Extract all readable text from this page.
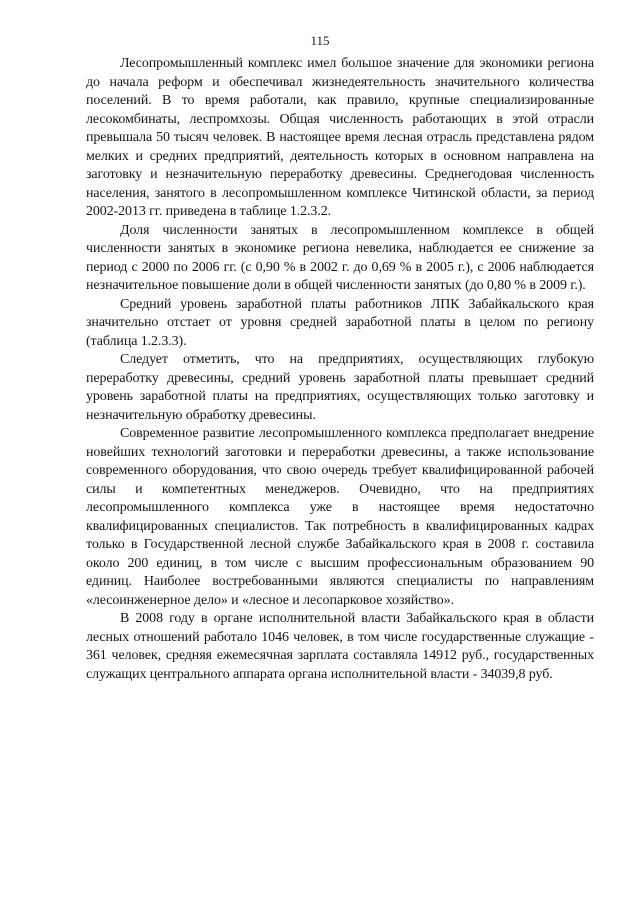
115

Лесопромышленный комплекс имел большое значение для экономики региона до начала реформ и обеспечивал жизнедеятельность значительного количества поселений. В то время работали, как правило, крупные специализированные лесокомбинаты, леспромхозы. Общая численность работающих в этой отрасли превышала 50 тысяч человек. В настоящее время лесная отрасль представлена рядом мелких и средних предприятий, деятельность которых в основном направлена на заготовку и незначительную переработку древесины. Среднегодовая численность населения, занятого в лесопромышленном комплексе Читинской области, за период 2002-2013 гг. приведена в таблице 1.2.3.2.

Доля численности занятых в лесопромышленном комплексе в общей численности занятых в экономике региона невелика, наблюдается ее снижение за период с 2000 по 2006 гг. (с 0,90 % в 2002 г. до 0,69 % в 2005 г.), с 2006 наблюдается незначительное повышение доли в общей численности занятых (до 0,80 % в 2009 г.).

Средний уровень заработной платы работников ЛПК Забайкальского края значительно отстает от уровня средней заработной платы в целом по региону (таблица 1.2.3.3).

Следует отметить, что на предприятиях, осуществляющих глубокую переработку древесины, средний уровень заработной платы превышает средний уровень заработной платы на предприятиях, осуществляющих только заготовку и незначительную обработку древесины.

Современное развитие лесопромышленного комплекса предполагает внедрение новейших технологий заготовки и переработки древесины, а также использование современного оборудования, что свою очередь требует квалифицированной рабочей силы и компетентных менеджеров. Очевидно, что на предприятиях лесопромышленного комплекса уже в настоящее время недостаточно квалифицированных специалистов. Так потребность в квалифицированных кадрах только в Государственной лесной службе Забайкальского края в 2008 г. составила около 200 единиц, в том числе с высшим профессиональным образованием 90 единиц. Наиболее востребованными являются специалисты по направлениям «лесоинженерное дело» и «лесное и лесопарковое хозяйство».

В 2008 году в органе исполнительной власти Забайкальского края в области лесных отношений работало 1046 человек, в том числе государственные служащие - 361 человек, средняя ежемесячная зарплата составляла 14912 руб., государственных служащих центрального аппарата органа исполнительной власти - 34039,8 руб.
